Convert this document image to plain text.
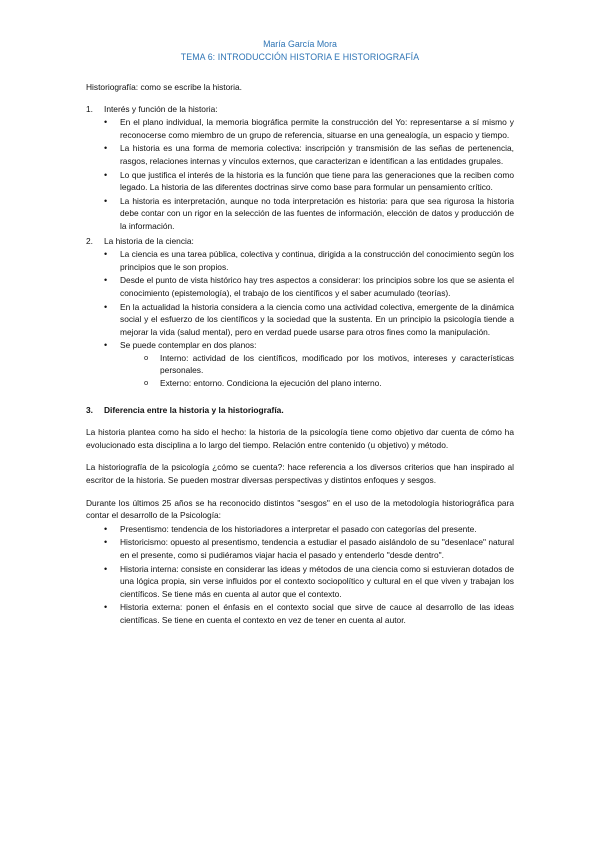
María García Mora
TEMA 6: INTRODUCCIÓN HISTORIA E HISTORIOGRAFÍA
Historiografía: como se escribe la historia.
1.	Interés y función de la historia:
• En el plano individual, la memoria biográfica permite la construcción del Yo: representarse a sí mismo y reconocerse como miembro de un grupo de referencia, situarse en una genealogía, un espacio y tiempo.
• La historia es una forma de memoria colectiva: inscripción y transmisión de las señas de pertenencia, rasgos, relaciones internas y vínculos externos, que caracterizan e identifican a las entidades grupales.
• Lo que justifica el interés de la historia es la función que tiene para las generaciones que la reciben como legado. La historia de las diferentes doctrinas sirve como base para formular un pensamiento crítico.
• La historia es interpretación, aunque no toda interpretación es historia: para que sea rigurosa la historia debe contar con un rigor en la selección de las fuentes de información, elección de datos y producción de la información.
2.	La historia de la ciencia:
• La ciencia es una tarea pública, colectiva y continua, dirigida a la construcción del conocimiento según los principios que le son propios.
• Desde el punto de vista histórico hay tres aspectos a considerar: los principios sobre los que se asienta el conocimiento (epistemología), el trabajo de los científicos y el saber acumulado (teorías).
• En la actualidad la historia considera a la ciencia como una actividad colectiva, emergente de la dinámica social y el esfuerzo de los científicos y la sociedad que la sustenta. En un principio la psicología tiende a mejorar la vida (salud mental), pero en verdad puede usarse para otros fines como la manipulación.
• Se puede contemplar en dos planos:
o Interno: actividad de los científicos, modificado por los motivos, intereses y características personales.
o Externo: entorno. Condiciona la ejecución del plano interno.
3.	Diferencia entre la historia y la historiografía.
La historia plantea como ha sido el hecho: la historia de la psicología tiene como objetivo dar cuenta de cómo ha evolucionado esta disciplina a lo largo del tiempo. Relación entre contenido (u objetivo) y método.
La historiografía de la psicología ¿cómo se cuenta?: hace referencia a los diversos criterios que han inspirado al escritor de la historia. Se pueden mostrar diversas perspectivas y distintos enfoques y sesgos.
Durante los últimos 25 años se ha reconocido distintos "sesgos" en el uso de la metodología historiográfica para contar el desarrollo de la Psicología:
• Presentismo: tendencia de los historiadores a interpretar el pasado con categorías del presente.
• Historicismo: opuesto al presentismo, tendencia a estudiar el pasado aislándolo de su "desenlace" natural en el presente, como si pudiéramos viajar hacia el pasado y entenderlo "desde dentro".
• Historia interna: consiste en considerar las ideas y métodos de una ciencia como si estuvieran dotados de una lógica propia, sin verse influidos por el contexto sociopolítico y cultural en el que viven y trabajan los científicos. Se tiene más en cuenta al autor que el contexto.
• Historia externa: ponen el énfasis en el contexto social que sirve de cauce al desarrollo de las ideas científicas. Se tiene en cuenta el contexto en vez de tener en cuenta al autor.
